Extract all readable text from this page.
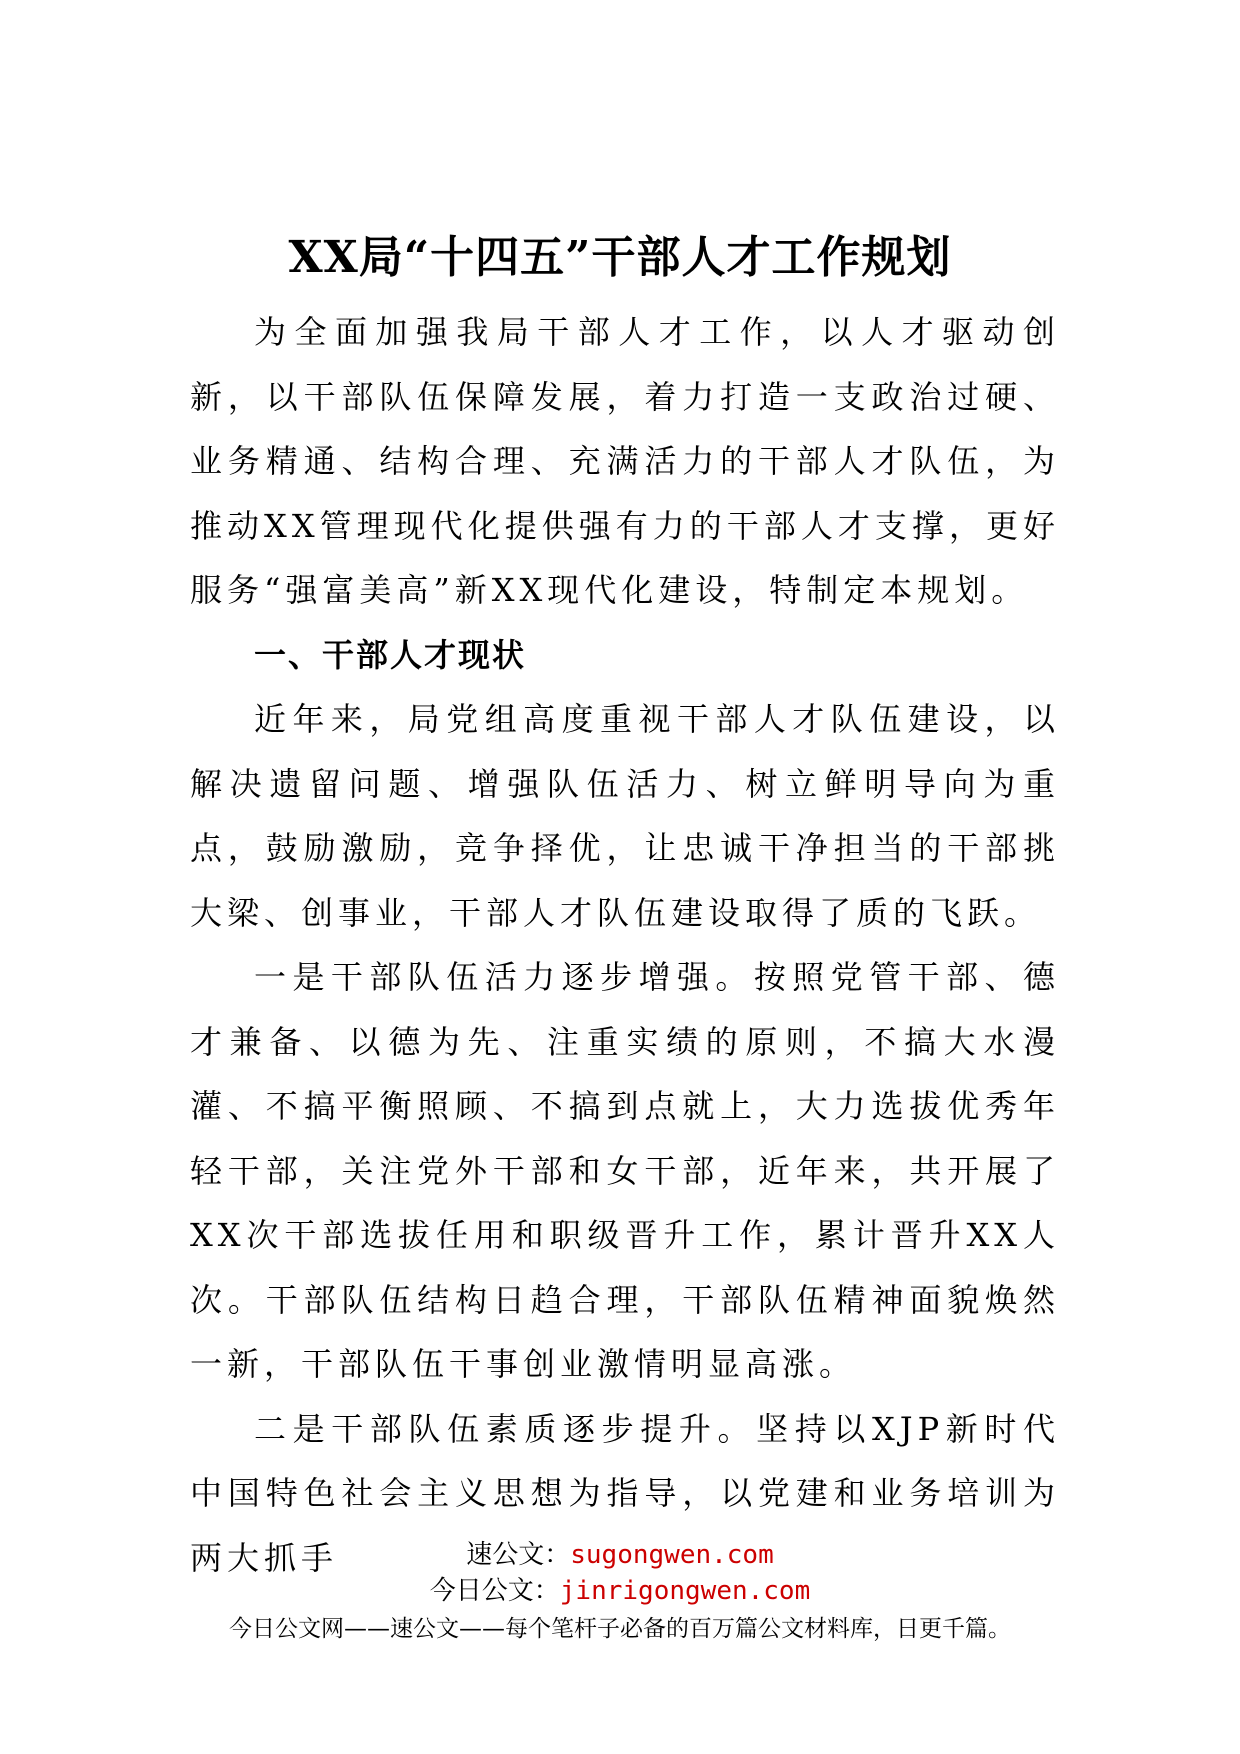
XX局“十四五”干部人才工作规划

为全面加强我局干部人才工作，以人才驱动创新，以干部队伍保障发展，着力打造一支政治过硬、业务精通、结构合理、充满活力的干部人才队伍，为推动XX管理现代化提供强有力的干部人才支撑，更好服务“强富美高”新XX现代化建设，特制定本规划。

一、干部人才现状

近年来，局党组高度重视干部人才队伍建设，以解决遗留问题、增强队伍活力、树立鲜明导向为重点，鼓励激励，竞争择优，让忠诚干净担当的干部挑大梁、创事业，干部人才队伍建设取得了质的飞跃。

一是干部队伍活力逐步增强。按照党管干部、德才兼备、以德为先、注重实绩的原则，不搞大水漫灌、不搞平衡照顾、不搞到点就上，大力选拔优秀年轻干部，关注党外干部和女干部，近年来，共开展了XX次干部选拔任用和职级晋升工作，累计晋升XX人次。干部队伍结构日趋合理，干部队伍精神面貌焕然一新，干部队伍干事创业激情明显高涨。

二是干部队伍素质逐步提升。坚持以XJP新时代中国特色社会主义思想为指导，以党建和业务培训为两大抓手	速公文：sugongwen.com
今日公文：jinrigongwen.com
今日公文网——速公文——每个笔杆子必备的百万篇公文材料库，日更千篇。
